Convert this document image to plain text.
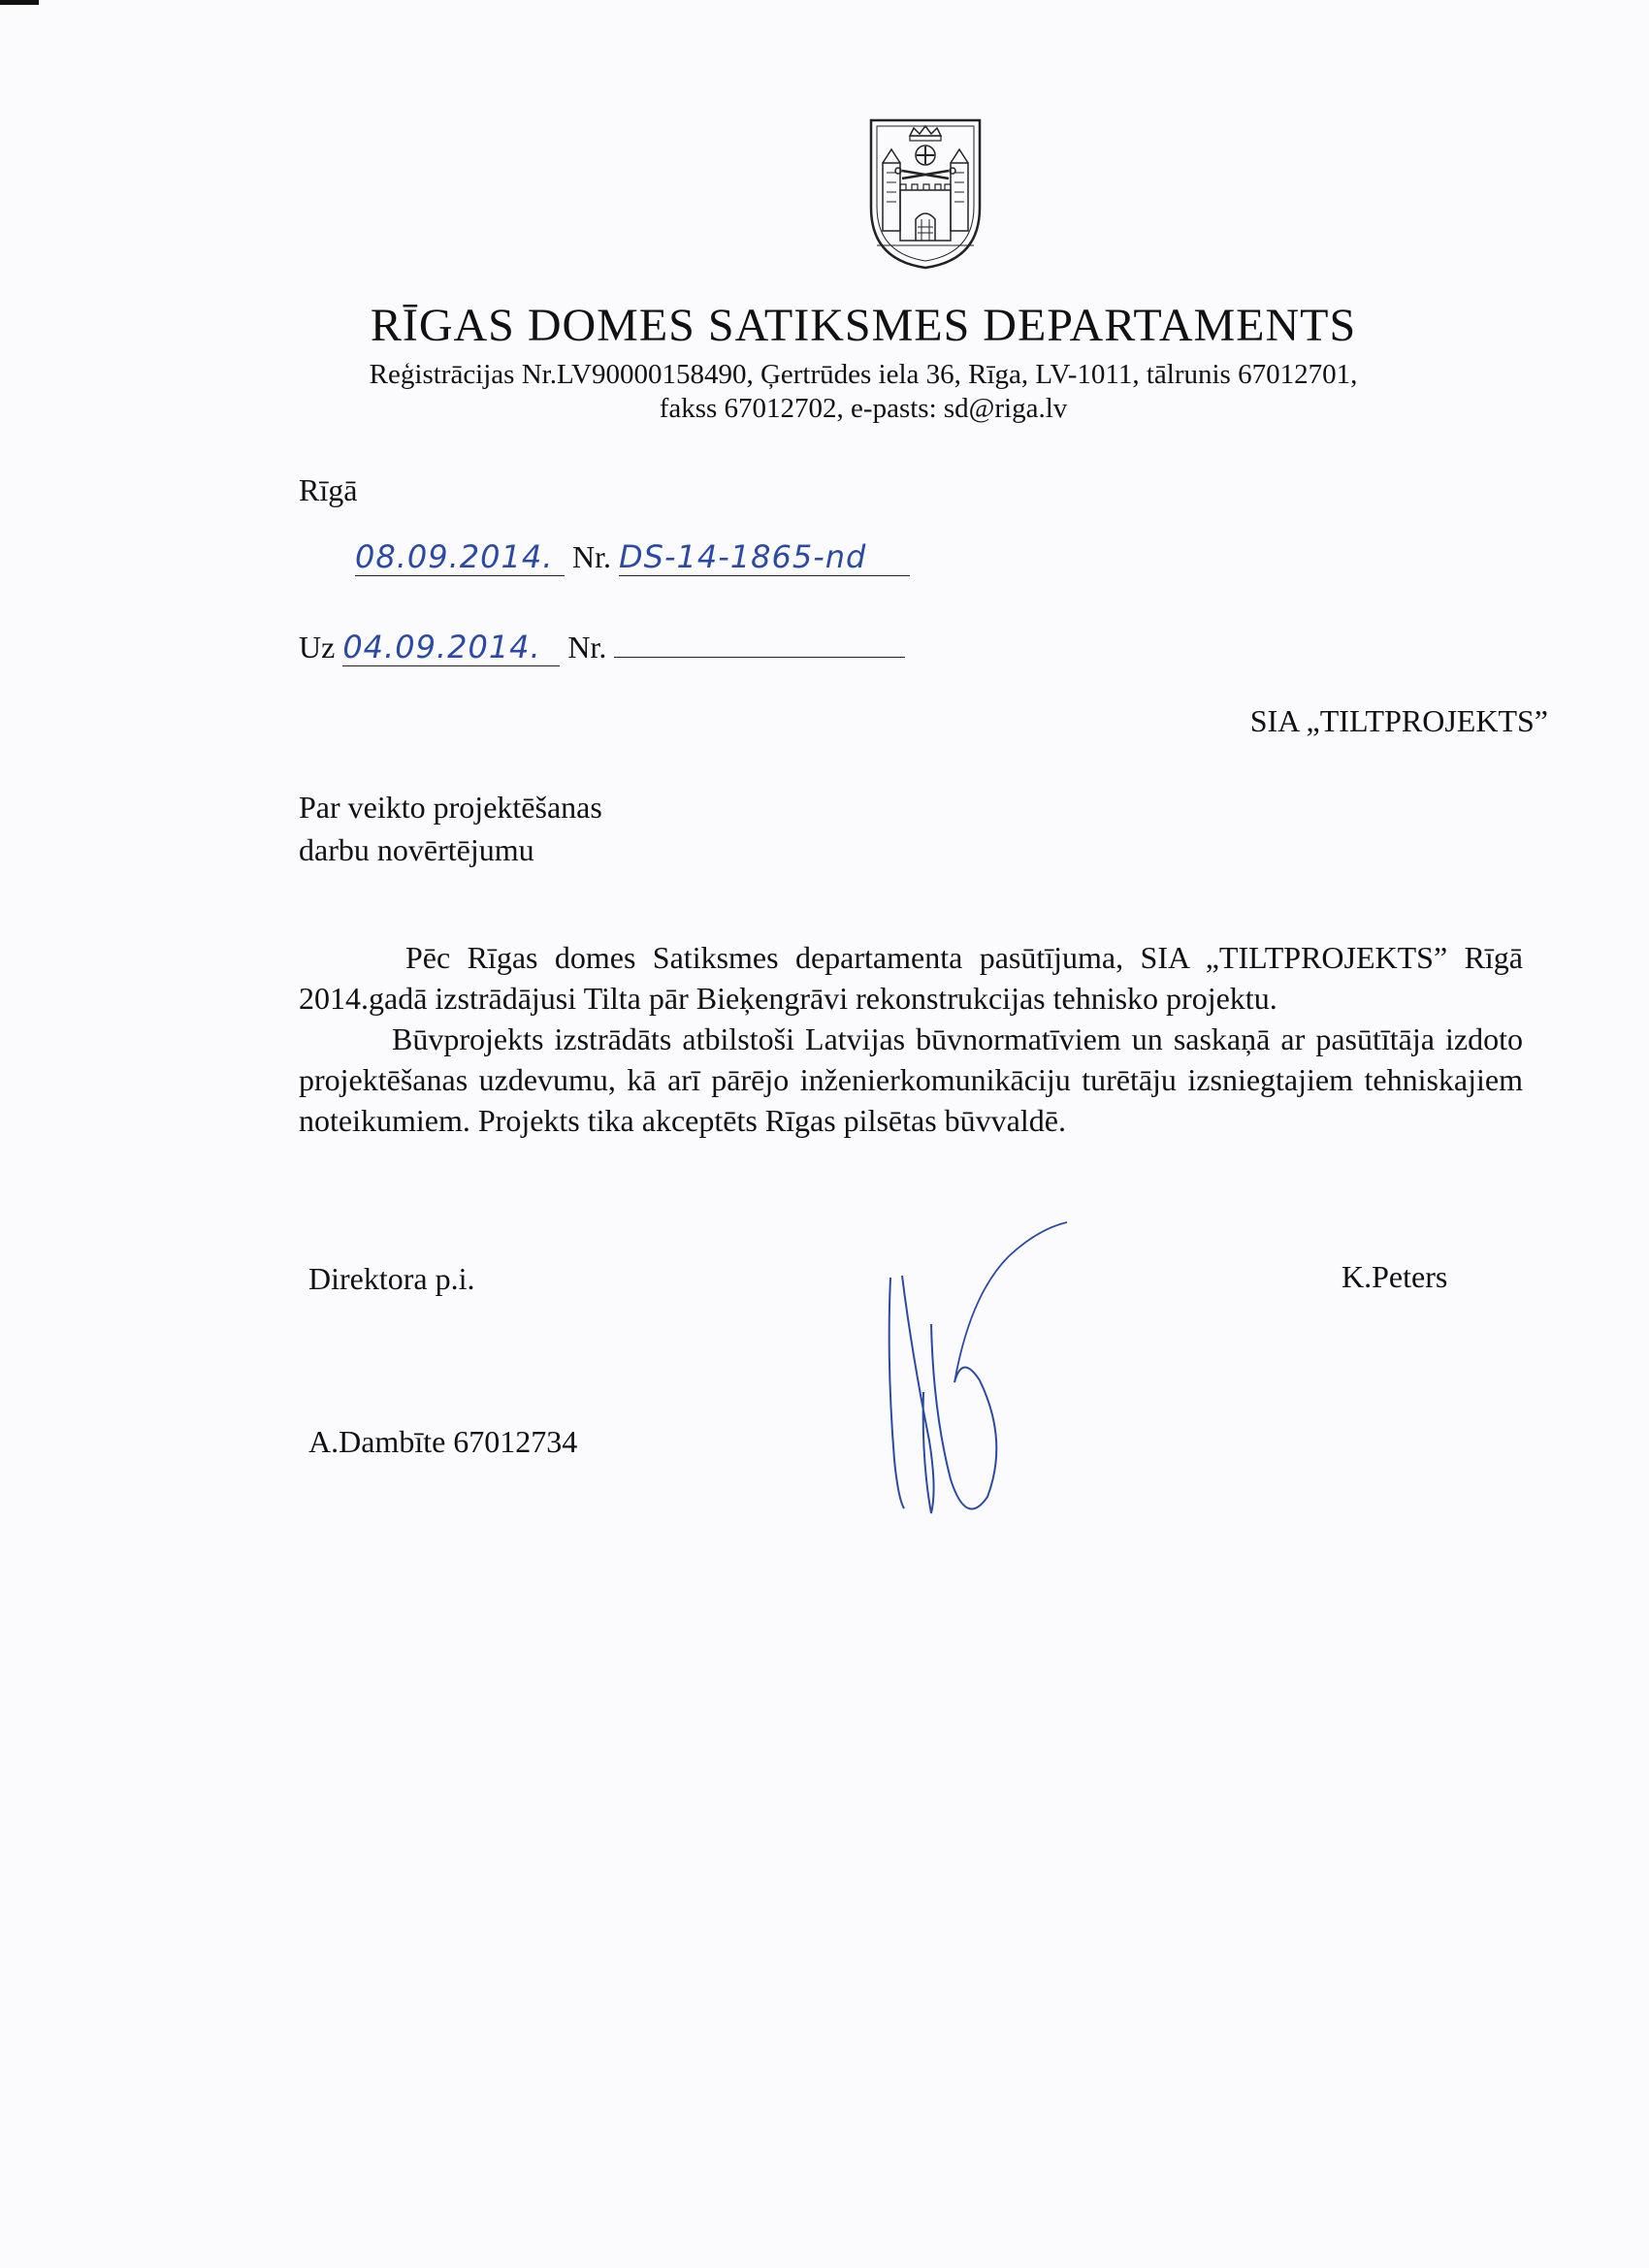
RĪGAS DOMES SATIKSMES DEPARTAMENTS
Reģistrācijas Nr.LV90000158490, Ģertrūdes iela 36, Rīga, LV-1011, tālrunis 67012701,
fakss 67012702, e-pasts: sd@riga.lv
Rīgā
08.09.2014. Nr. DS-14-1865-nd
Uz 04.09.2014. Nr.
SIA „TILTPROJEKTS”
Par veikto projektēšanas
darbu novērtējumu

Pēc Rīgas domes Satiksmes departamenta pasūtījuma, SIA „TILTPROJEKTS” Rīgā 2014.gadā izstrādājusi Tilta pār Bieķengrāvi rekonstrukcijas tehnisko projektu.

Būvprojekts izstrādāts atbilstoši Latvijas būvnormatīviem un saskaņā ar pasūtītāja izdoto projektēšanas uzdevumu, kā arī pārējo inženierkomunikāciju turētāju izsniegtajiem tehniskajiem noteikumiem. Projekts tika akceptēts Rīgas pilsētas būvvaldē.

Direktora p.i.	K.Peters
A.Dambīte 67012734
